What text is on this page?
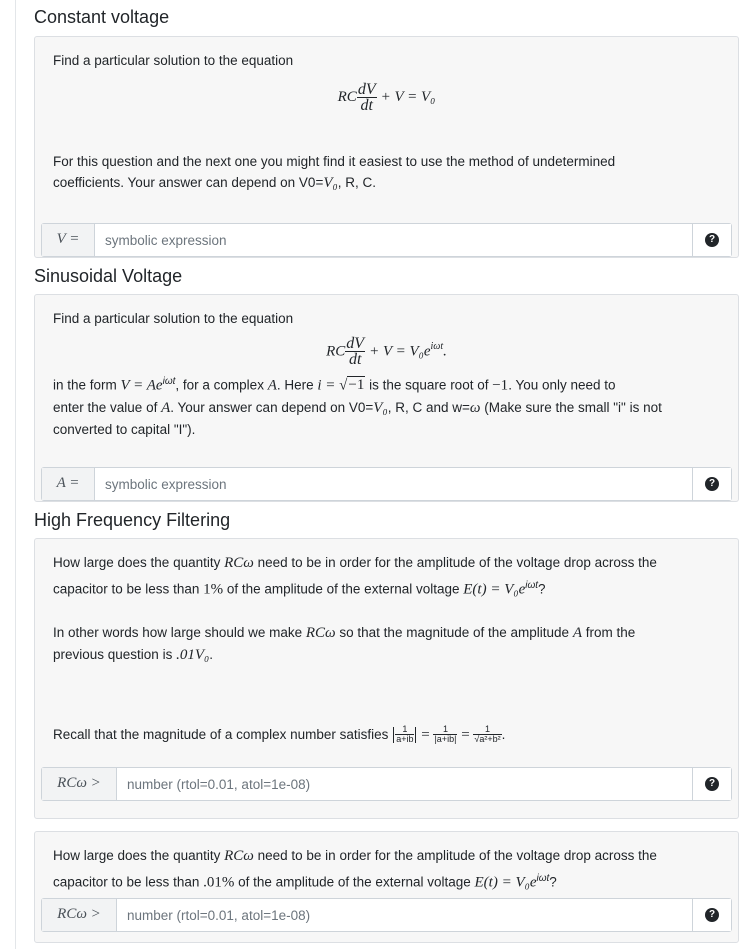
Constant voltage

Find a particular solution to the equation

RC $\frac{dV}{dt} + V = V_0$

For this question and the next one you might find it easiest to use the method of undetermined

coefficients. Your answer can depend on V0=V₀, R, C.

V =
symbolic expression	?
Sinusoidal Voltage

Find a particular solution to the equation

RC $\frac{dV}{dt} + V = V_0e^{i\omega t}$.

in the form $V = Ae^{i\omega t}$, for a complex A. Here i = √−1 is the square root of −1. You only need to

enter the value of A. Your answer can depend on V0=V₀, R, C and w=ω (Make sure the small "i" is not

converted to capital "I").

A =
symbolic expression	?
High Frequency Filtering

How large does the quantity RCω need to be in order for the amplitude of the voltage drop across the

capacitor to be less than 1% of the amplitude of the external voltage $E(t) = V_0e^{i\omega t}$?

In other words how large should we make RCω so that the magnitude of the amplitude A from the

previous question is .01V₀.

Recall that the magnitude of a complex number satisfies $\frac{1}{a+ib} = \frac{1}{|a+ib|} = \frac{1}{\text{√a²+b²}}$ .

RCω >
number (rtol=0.01, atol=1e-08)	?

How large does the quantity RCω need to be in order for the amplitude of the voltage drop across the

capacitor to be less than .01% of the amplitude of the external voltage $E(t) = V_0e^{i\omega t}$?

RCω >
number (rtol=0.01, atol=1e-08)	?
